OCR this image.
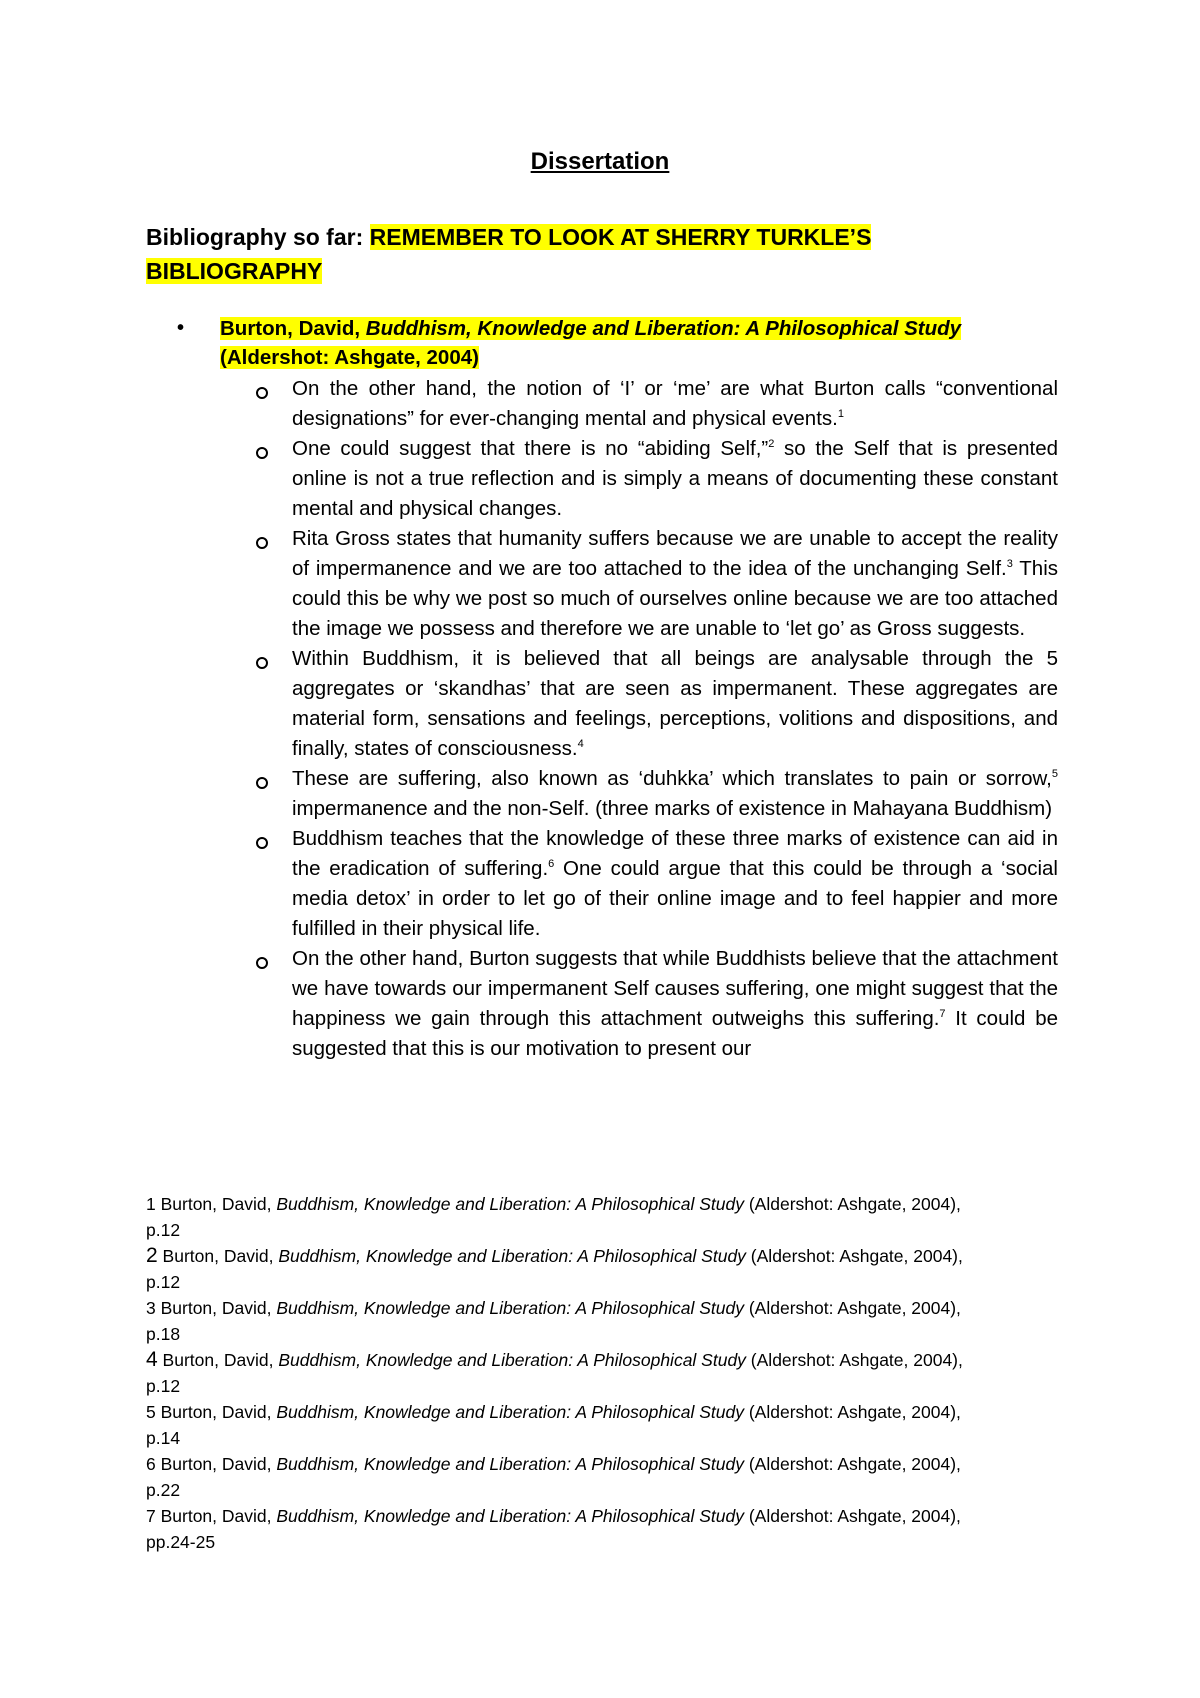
Dissertation
Bibliography so far: REMEMBER TO LOOK AT SHERRY TURKLE’S
BIBLIOGRAPHY
• Burton, David, Buddhism, Knowledge and Liberation: A Philosophical Study
(Aldershot: Ashgate, 2004)
On the other hand, the notion of ‘I’ or ‘me’ are what Burton calls “conventional designations” for ever-changing mental and physical events.$^1$
One could suggest that there is no “abiding Self,”$^2$ so the Self that is presented online is not a true reflection and is simply a means of documenting these constant mental and physical changes.
Rita Gross states that humanity suffers because we are unable to accept the reality of impermanence and we are too attached to the idea of the unchanging Self.$^3$ This could this be why we post so much of ourselves online because we are too attached the image we possess and therefore we are unable to ‘let go’ as Gross suggests.
Within Buddhism, it is believed that all beings are analysable through the 5 aggregates or ‘skandhas’ that are seen as impermanent. These aggregates are material form, sensations and feelings, perceptions, volitions and dispositions, and finally, states of consciousness.$^4$
These are suffering, also known as ‘duhkka’ which translates to pain or sorrow,$^5$ impermanence and the non-Self. (three marks of existence in Mahayana Buddhism)
Buddhism teaches that the knowledge of these three marks of existence can aid in the eradication of suffering.$^6$ One could argue that this could be through a ‘social media detox’ in order to let go of their online image and to feel happier and more fulfilled in their physical life.
On the other hand, Burton suggests that while Buddhists believe that the attachment we have towards our impermanent Self causes suffering, one might suggest that the happiness we gain through this attachment outweighs this suffering.$^7$ It could be suggested that this is our motivation to present our
1 Burton, David, Buddhism, Knowledge and Liberation: A Philosophical Study (Aldershot: Ashgate, 2004),
p.12
2 Burton, David, Buddhism, Knowledge and Liberation: A Philosophical Study (Aldershot: Ashgate, 2004),
p.12
3 Burton, David, Buddhism, Knowledge and Liberation: A Philosophical Study (Aldershot: Ashgate, 2004),
p.18
4 Burton, David, Buddhism, Knowledge and Liberation: A Philosophical Study (Aldershot: Ashgate, 2004),
p.12
5 Burton, David, Buddhism, Knowledge and Liberation: A Philosophical Study (Aldershot: Ashgate, 2004),
p.14
6 Burton, David, Buddhism, Knowledge and Liberation: A Philosophical Study (Aldershot: Ashgate, 2004),
p.22
7 Burton, David, Buddhism, Knowledge and Liberation: A Philosophical Study (Aldershot: Ashgate, 2004),
pp.24-25
